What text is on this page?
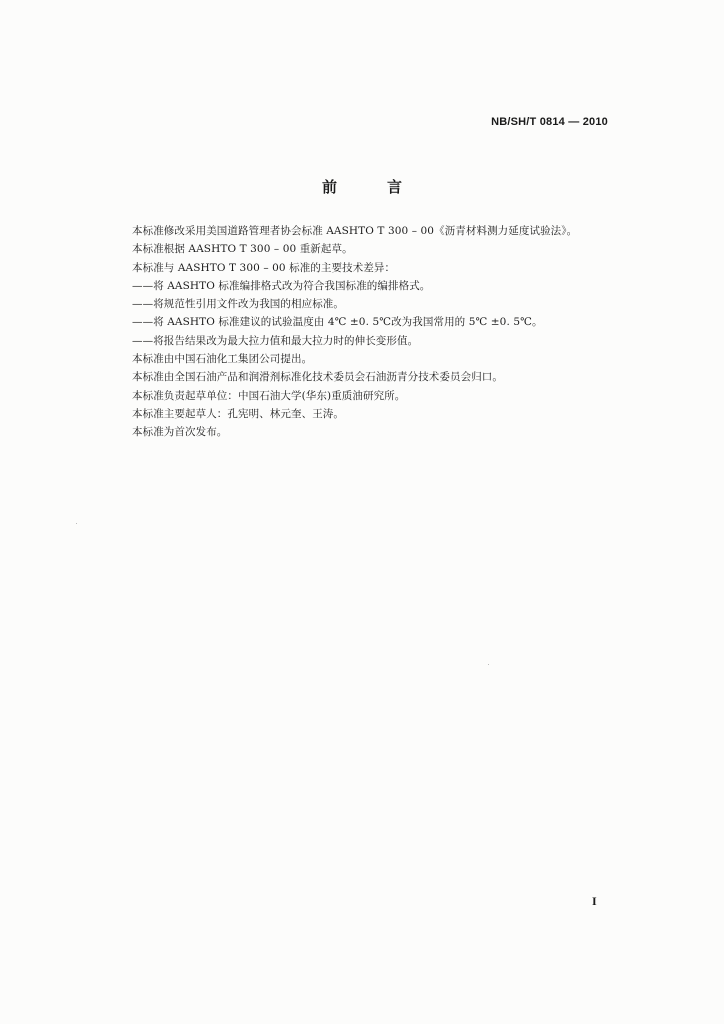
NB/SH/T 0814 — 2010
前	言
本标准修改采用美国道路管理者协会标准 AASHTO T 300 – 00《沥青材料测力延度试验法》。
本标准根据 AASHTO T 300 – 00 重新起草。
本标准与 AASHTO T 300 – 00 标准的主要技术差异：
——将 AASHTO 标准编排格式改为符合我国标准的编排格式。
——将规范性引用文件改为我国的相应标准。
——将 AASHTO 标准建议的试验温度由 4℃ ±0. 5℃改为我国常用的 5℃ ±0. 5℃。
——将报告结果改为最大拉力值和最大拉力时的伸长变形值。
本标准由中国石油化工集团公司提出。
本标准由全国石油产品和润滑剂标准化技术委员会石油沥青分技术委员会归口。
本标准负责起草单位：中国石油大学(华东)重质油研究所。
本标准主要起草人：孔宪明、林元奎、王涛。
本标准为首次发布。
I
